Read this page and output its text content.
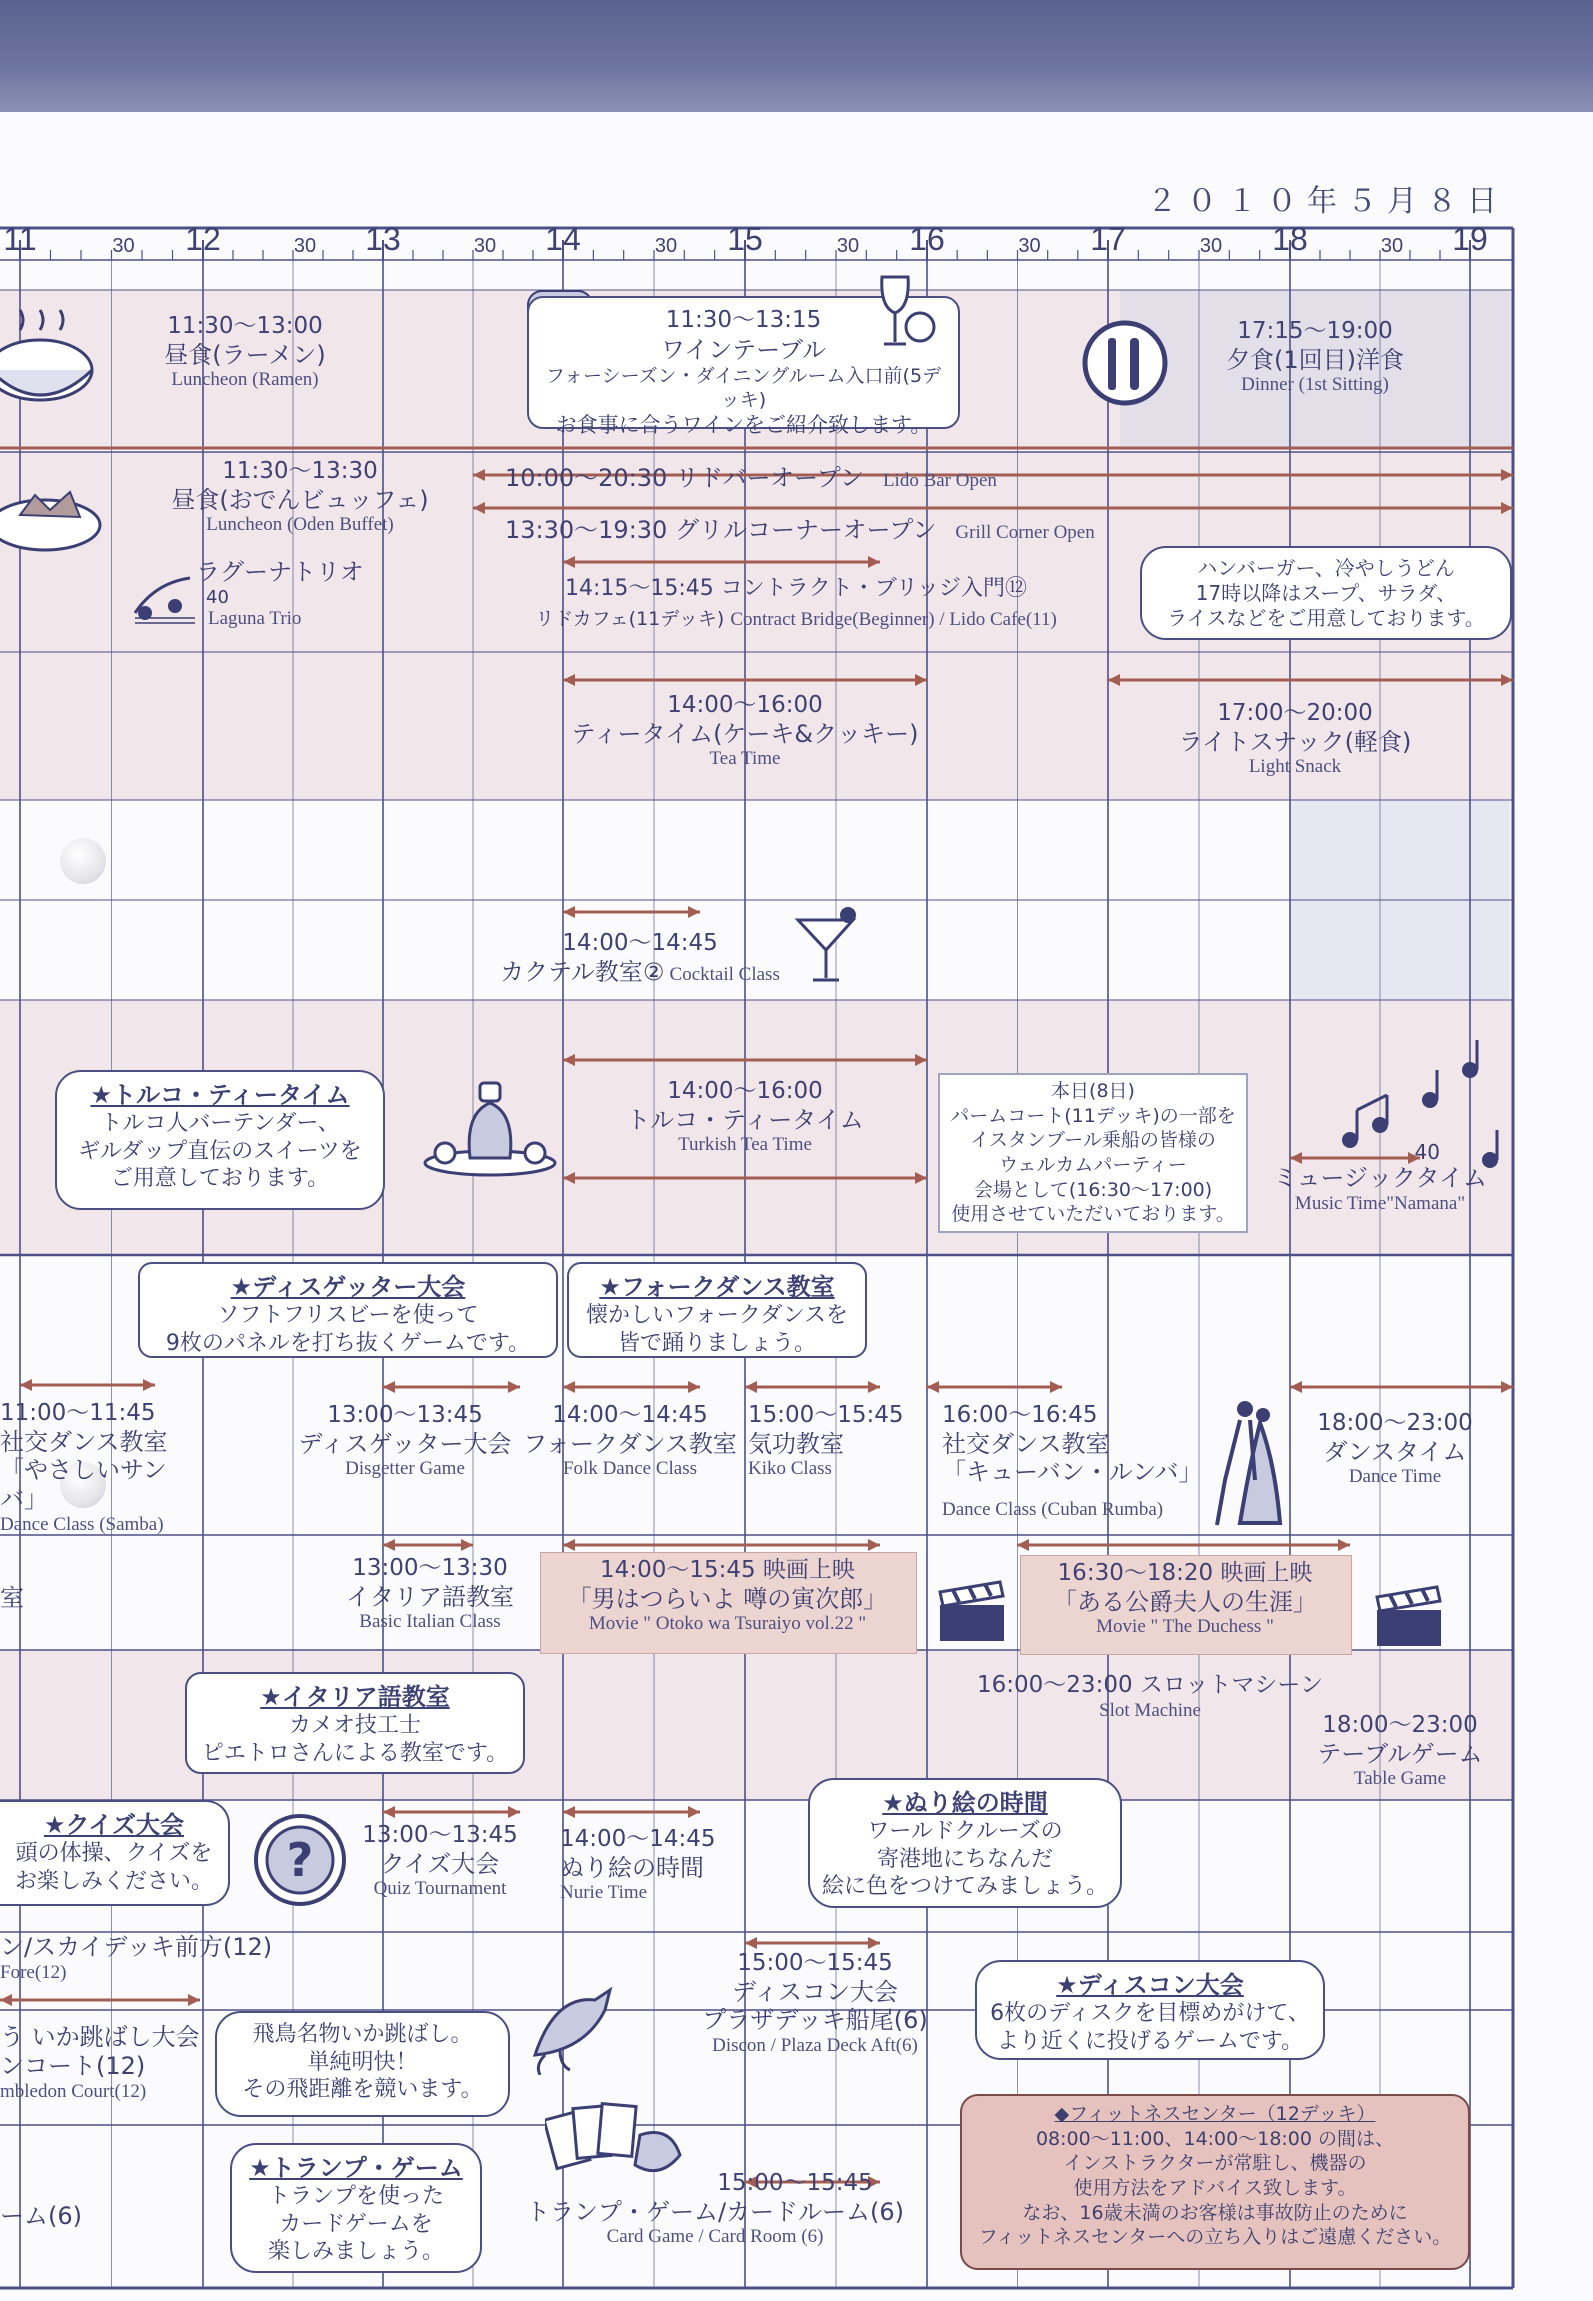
２０１０年５月８日
11	30 12	30 13	30 14	30 15	30 16	30 17	30 18	30 19
11:30〜13:00
昼食(ラーメン)
Luncheon (Ramen)
11:30〜13:15
ワインテーブル
フォーシーズン・ダイニングルーム入口前(5デッキ)
お食事に合うワインをご紹介致します。
17:15〜19:00
夕食(1回目)洋食
Dinner (1st Sitting)
11:30〜13:30
昼食(おでんビュッフェ)
Luncheon (Oden Buffet)
10:00〜20:30 リドバーオープン Lido Bar Open
13:30〜19:30 グリルコーナーオープン Grill Corner Open
ラグーナトリオ 40
Laguna Trio
14:15〜15:45 コントラクト・ブリッジ入門⑫
リドカフェ(11デッキ) Contract Bridge(Beginner) / Lido Cafe(11)
ハンバーガー、冷やしうどん
17時以降はスープ、サラダ、
ライスなどをご用意しております。
14:00〜16:00
ティータイム(ケーキ&クッキー)
Tea Time
17:00〜20:00
ライトスナック(軽食)
Light Snack
14:00〜14:45
カクテル教室② Cocktail Class
★トルコ・ティータイム
トルコ人バーテンダー、
ギルダップ直伝のスイーツを
ご用意しております。
14:00〜16:00
トルコ・ティータイム
Turkish Tea Time
本日(8日)
パームコート(11デッキ)の一部を
イスタンブール乗船の皆様の
ウェルカムパーティー
会場として(16:30〜17:00)
使用させていただいております。
40
ミュージックタイム
Music Time"Namana"
★ディスゲッター大会
ソフトフリスビーを使って
9枚のパネルを打ち抜くゲームです。
★フォークダンス教室
懐かしいフォークダンスを
皆で踊りましょう。
11:00〜11:45
社交ダンス教室
「やさしいサンバ」
Dance Class (Samba)
13:00〜13:45
ディスゲッター大会
Disgetter Game
14:00〜14:45
フォークダンス教室
Folk Dance Class
15:00〜15:45
気功教室
Kiko Class
16:00〜16:45
社交ダンス教室
「キューバン・ルンバ」
Dance Class (Cuban Rumba)
18:00〜23:00
ダンスタイム
Dance Time
室
13:00〜13:30
イタリア語教室
Basic Italian Class
14:00〜15:45 映画上映
「男はつらいよ 噂の寅次郎」
Movie " Otoko wa Tsuraiyo vol.22 "
16:30〜18:20 映画上映
「ある公爵夫人の生涯」
Movie " The Duchess "
★イタリア語教室
カメオ技工士
ピエトロさんによる教室です。
16:00〜23:00 スロットマシーン
Slot Machine
18:00〜23:00
テーブルゲーム
Table Game
★クイズ大会
頭の体操、クイズを
お楽しみください。 ?	13:00〜13:45
クイズ大会
Quiz Tournament
14:00〜14:45
ぬり絵の時間
Nurie Time
★ぬり絵の時間
ワールドクルーズの
寄港地にちなんだ
絵に色をつけてみましょう。
ン/スカイデッキ前方(12)
Fore(12)
う いか跳ばし大会
ンコート(12)
mbledon Court(12)
飛鳥名物いか跳ばし。
単純明快！
その飛距離を競います。
15:00〜15:45
ディスコン大会
プラザデッキ船尾(6)
Discon / Plaza Deck Aft(6)
★ディスコン大会
6枚のディスクを目標めがけて、
より近くに投げるゲームです。
ーム(6)
★トランプ・ゲーム
トランプを使った
カードゲームを
楽しみましょう。
15:00〜15:45
トランプ・ゲーム/カードルーム(6)
Card Game / Card Room (6)
◆フィットネスセンター（12デッキ）
08:00〜11:00、14:00〜18:00 の間は、
インストラクターが常駐し、機器の
使用方法をアドバイス致します。
なお、16歳未満のお客様は事故防止のために
フィットネスセンターへの立ち入りはご遠慮ください。
